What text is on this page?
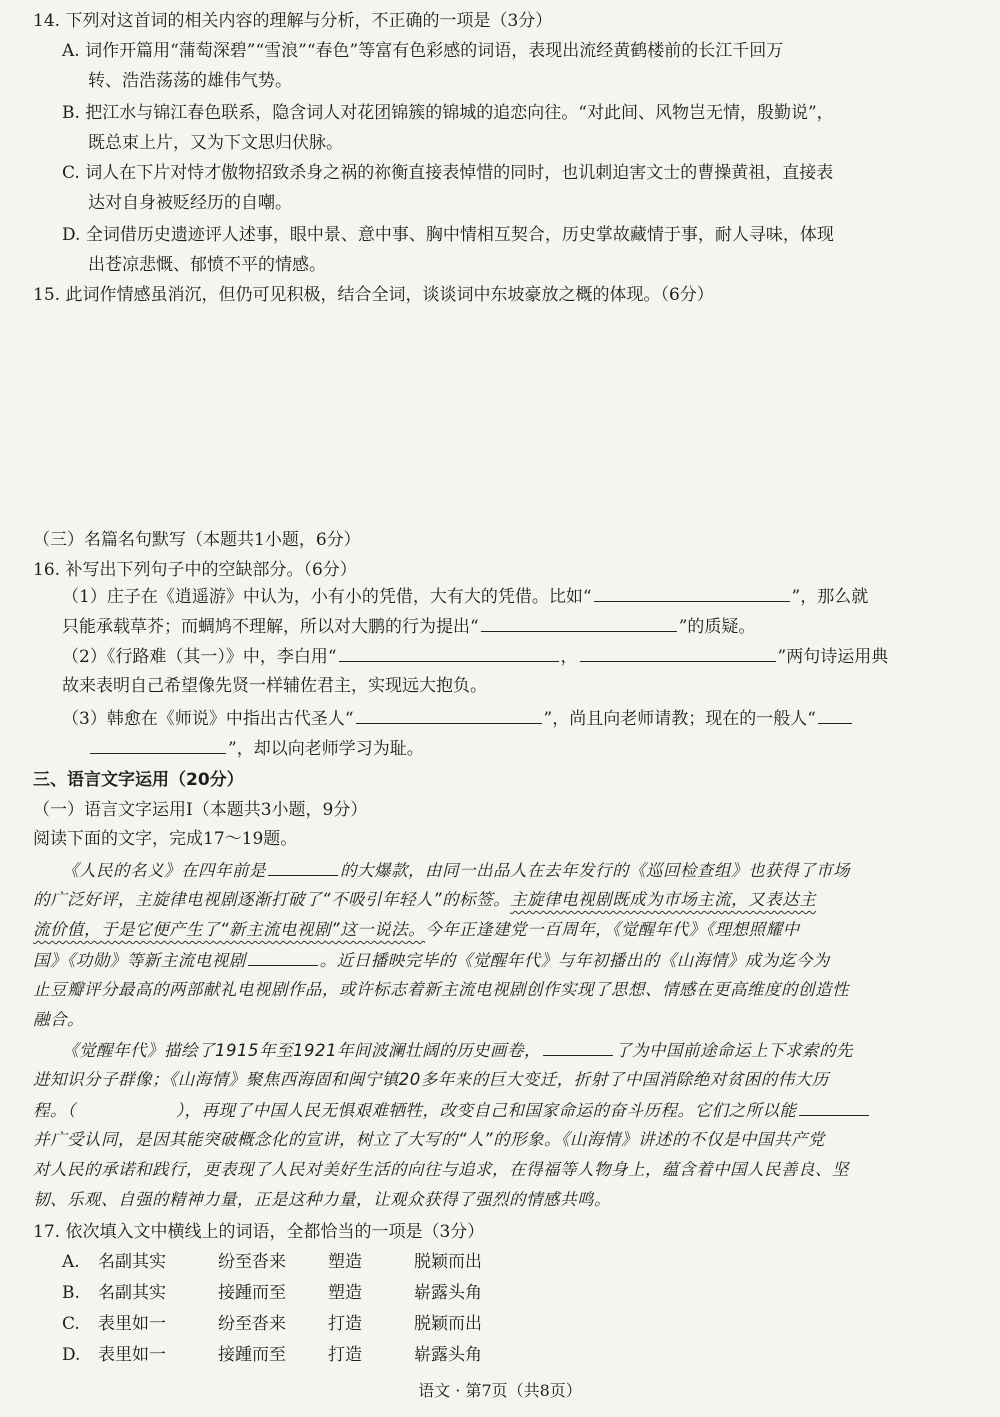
14. 下列对这首词的相关内容的理解与分析，不正确的一项是（3分）
A. 词作开篇用“蒲萄深碧”“雪浪”“春色”等富有色彩感的词语，表现出流经黄鹤楼前的长江千回万
转、浩浩荡荡的雄伟气势。
B. 把江水与锦江春色联系，隐含词人对花团锦簇的锦城的追恋向往。“对此间、风物岂无情，殷勤说”，
既总束上片，又为下文思归伏脉。
C. 词人在下片对恃才傲物招致杀身之祸的祢衡直接表悼惜的同时，也讥刺迫害文士的曹操黄祖，直接表
达对自身被贬经历的自嘲。
D. 全词借历史遗迹评人述事，眼中景、意中事、胸中情相互契合，历史掌故藏情于事，耐人寻味，体现
出苍凉悲慨、郁愤不平的情感。
15. 此词作情感虽消沉，但仍可见积极，结合全词，谈谈词中东坡豪放之概的体现。（6分）
（三）名篇名句默写（本题共1小题，6分）
16. 补写出下列句子中的空缺部分。（6分）
（1）庄子在《逍遥游》中认为，小有小的凭借，大有大的凭借。比如“	”，那么就
只能承载草芥；而蜩鸠不理解，所以对大鹏的行为提出“	”的质疑。
（2）《行路难（其一）》中，李白用“	，	”两句诗运用典
故来表明自己希望像先贤一样辅佐君主，实现远大抱负。
（3）韩愈在《师说》中指出古代圣人“	”，尚且向老师请教；现在的一般人“
”，却以向老师学习为耻。
三、语言文字运用（20分）
（一）语言文字运用Ⅰ（本题共3小题，9分）
阅读下面的文字，完成17～19题。
《人民的名义》在四年前是	的大爆款，由同一出品人在去年发行的《巡回检查组》也获得了市场
的广泛好评，主旋律电视剧逐渐打破了“不吸引年轻人”的标签。主旋律电视剧既成为市场主流，又表达主
流价值，于是它便产生了“新主流电视剧”这一说法。今年正逢建党一百周年，《觉醒年代》《理想照耀中
国》《功勋》等新主流电视剧	。近日播映完毕的《觉醒年代》与年初播出的《山海情》成为迄今为
止豆瓣评分最高的两部献礼电视剧作品，或许标志着新主流电视剧创作实现了思想、情感在更高维度的创造性
融合。
《觉醒年代》描绘了1915年至1921年间波澜壮阔的历史画卷，	了为中国前途命运上下求索的先
进知识分子群像；《山海情》聚焦西海固和闽宁镇20多年来的巨大变迁，折射了中国消除绝对贫困的伟大历
程。（	），再现了中国人民无惧艰难牺牲，改变自己和国家命运的奋斗历程。它们之所以能
并广受认同，是因其能突破概念化的宣讲，树立了大写的“人”的形象。《山海情》讲述的不仅是中国共产党
对人民的承诺和践行，更表现了人民对美好生活的向往与追求，在得福等人物身上，蕴含着中国人民善良、坚
韧、乐观、自强的精神力量，正是这种力量，让观众获得了强烈的情感共鸣。
17. 依次填入文中横线上的词语，全都恰当的一项是（3分）
A. 名副其实	纷至沓来 塑造	脱颖而出
B. 名副其实	接踵而至 塑造	崭露头角
C. 表里如一	纷至沓来 打造	脱颖而出
D. 表里如一	接踵而至 打造	崭露头角
语文 · 第7页（共8页）
